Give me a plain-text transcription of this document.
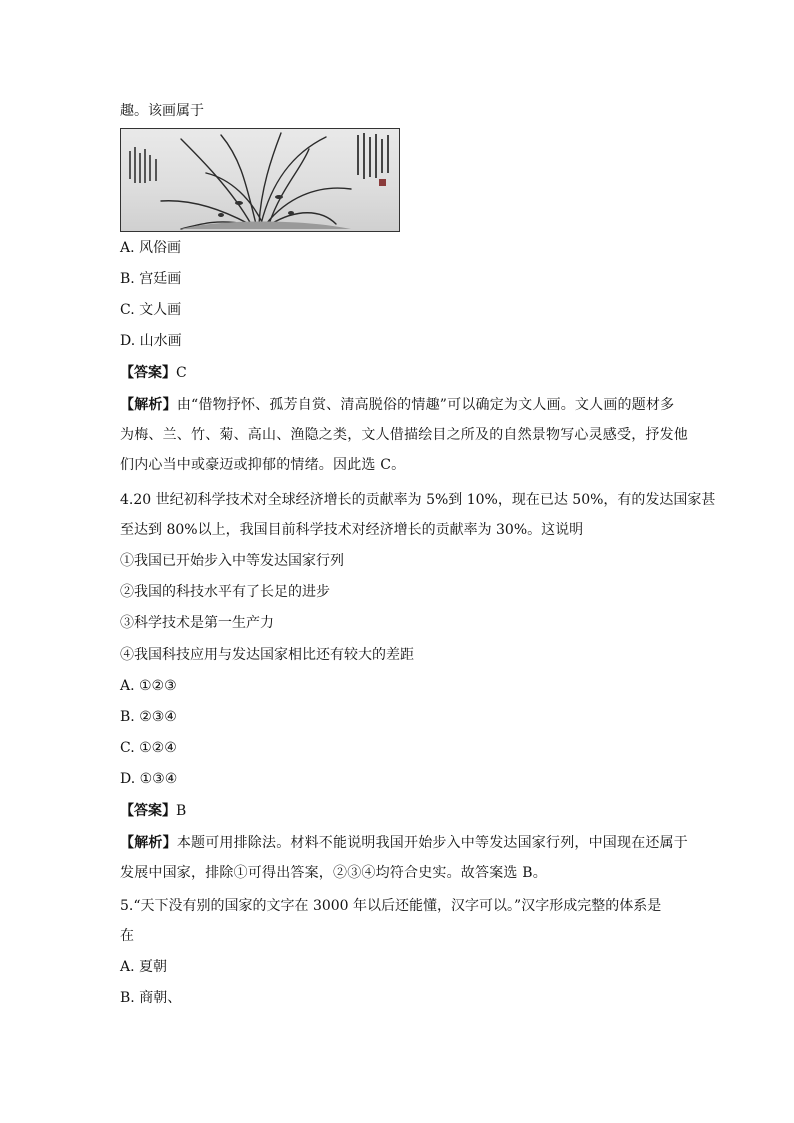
趣。该画属于
A. 风俗画
B. 宫廷画
C. 文人画
D. 山水画
【答案】C
【解析】由“借物抒怀、孤芳自赏、清高脱俗的情趣”可以确定为文人画。文人画的题材多
为梅、兰、竹、菊、高山、渔隐之类，文人借描绘目之所及的自然景物写心灵感受，抒发他
们内心当中或豪迈或抑郁的情绪。因此选 C。
4.20 世纪初科学技术对全球经济增长的贡献率为 5%到 10%，现在已达 50%，有的发达国家甚
至达到 80%以上，我国目前科学技术对经济增长的贡献率为 30%。这说明
①我国已开始步入中等发达国家行列
②我国的科技水平有了长足的进步
③科学技术是第一生产力
④我国科技应用与发达国家相比还有较大的差距
A. ①②③
B. ②③④
C. ①②④
D. ①③④
【答案】B
【解析】本题可用排除法。材料不能说明我国开始步入中等发达国家行列，中国现在还属于
发展中国家，排除①可得出答案，②③④均符合史实。故答案选 B。
5.“天下没有别的国家的文字在 3000 年以后还能懂，汉字可以。”汉字形成完整的体系是
在
A. 夏朝
B. 商朝、
